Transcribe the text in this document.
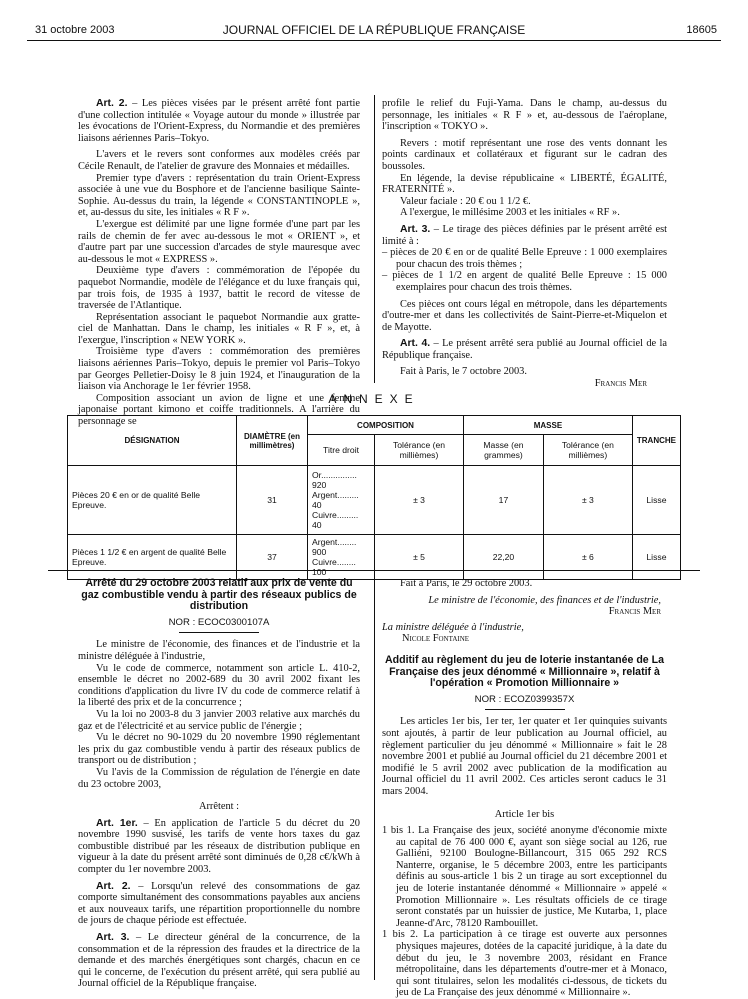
31 octobre 2003	JOURNAL OFFICIEL DE LA RÉPUBLIQUE FRANÇAISE	18605

Art. 2. – Les pièces visées par le présent arrêté font partie d'une collection intitulée « Voyage autour du monde » illustrée par les évocations de l'Orient-Express, du Normandie et des premières liaisons aériennes Paris–Tokyo.

L'avers et le revers sont conformes aux modèles créés par Cécile Renault, de l'atelier de gravure des Monnaies et médailles.

Premier type d'avers : représentation du train Orient-Express associée à une vue du Bosphore et de l'ancienne basilique Sainte-Sophie. Au-dessus du train, la légende « CONSTANTINOPLE », et, au-dessus du site, les initiales « R F ».

L'exergue est délimité par une ligne formée d'une part par les rails de chemin de fer avec au-dessous le mot « ORIENT », et d'autre part par une succession d'arcades de style mauresque avec au-dessous le mot « EXPRESS ».

Deuxième type d'avers : commémoration de l'épopée du paquebot Normandie, modèle de l'élégance et du luxe français qui, par trois fois, de 1935 à 1937, battit le record de vitesse de traversée de l'Atlantique.

Représentation associant le paquebot Normandie aux gratte-ciel de Manhattan. Dans le champ, les initiales « R F », et, à l'exergue, l'inscription « NEW YORK ».

Troisième type d'avers : commémoration des premières liaisons aériennes Paris–Tokyo, depuis le premier vol Paris–Tokyo par Georges Pelletier-Doisy le 8 juin 1924, et l'inauguration de la liaison via Anchorage le 1er février 1958.

Composition associant un avion de ligne et une femme japonaise portant kimono et coiffe traditionnels. A l'arrière du personnage se

profile le relief du Fuji-Yama. Dans le champ, au-dessus du personnage, les initiales « R F » et, au-dessous de l'aéroplane, l'inscription « TOKYO ».

Revers : motif représentant une rose des vents donnant les points cardinaux et collatéraux et figurant sur le cadran des boussoles.

En légende, la devise républicaine « LIBERTÉ, ÉGALITÉ, FRATERNITÉ ».

Valeur faciale : 20 € ou 1 1/2 €.

A l'exergue, le millésime 2003 et les initiales « RF ».

Art. 3. – Le tirage des pièces définies par le présent arrêté est limité à :

– pièces de 20 € en or de qualité Belle Epreuve : 1 000 exemplaires pour chacun des trois thèmes ;

– pièces de 1 1/2 en argent de qualité Belle Epreuve : 15 000 exemplaires pour chacun des trois thèmes.

Ces pièces ont cours légal en métropole, dans les départements d'outre-mer et dans les collectivités de Saint-Pierre-et-Miquelon et de Mayotte.

Art. 4. – Le présent arrêté sera publié au Journal officiel de la République française.

Fait à Paris, le 7 octobre 2003.

Francis Mer

ANNEXE
DÉSIGNATION	DIAMÈTRE (en millimètres)	COMPOSITION		MASSE		TRANCHE
		Titre droit	Tolérance (en millièmes)	Masse (en grammes)	Tolérance (en millièmes)	
Pièces 20 € en or de qualité Belle Epreuve.	31	Or............... 920
Argent......... 40
Cuivre......... 40	± 3	17	± 3	Lisse
Pièces 1 1/2 € en argent de qualité Belle Epreuve.	37	Argent........ 900
Cuivre........ 100	± 5	22,20	± 6	Lisse
Arrêté du 29 octobre 2003 relatif aux prix de vente du gaz combustible vendu à partir des réseaux publics de distribution
NOR : ECOC0300107A

Le ministre de l'économie, des finances et de l'industrie et la ministre déléguée à l'industrie,

Vu le code de commerce, notamment son article L. 410-2, ensemble le décret no 2002-689 du 30 avril 2002 fixant les conditions d'application du livre IV du code de commerce relatif à la liberté des prix et de la concurrence ;

Vu la loi no 2003-8 du 3 janvier 2003 relative aux marchés du gaz et de l'électricité et au service public de l'énergie ;

Vu le décret no 90-1029 du 20 novembre 1990 réglementant les prix du gaz combustible vendu à partir des réseaux publics de transport ou de distribution ;

Vu l'avis de la Commission de régulation de l'énergie en date du 23 octobre 2003,

Arrêtent :

Art. 1er. – En application de l'article 5 du décret du 20 novembre 1990 susvisé, les tarifs de vente hors taxes du gaz combustible distribué par les réseaux de distribution publique en vigueur à la date du présent arrêté sont diminués de 0,28 c€/kWh à compter du 1er novembre 2003.

Art. 2. – Lorsqu'un relevé des consommations de gaz comporte simultanément des consommations payables aux anciens et aux nouveaux tarifs, une répartition proportionnelle du nombre de jours de chaque période est effectuée.

Art. 3. – Le directeur général de la concurrence, de la consommation et de la répression des fraudes et la directrice de la demande et des marchés énergétiques sont chargés, chacun en ce qui le concerne, de l'exécution du présent arrêté, qui sera publié au Journal officiel de la République française.

Fait à Paris, le 29 octobre 2003.

Le ministre de l'économie, des finances et de l'industrie,

Francis Mer

La ministre déléguée à l'industrie,

Nicole Fontaine

Additif au règlement du jeu de loterie instantanée de La Française des jeux dénommé « Millionnaire », relatif à l'opération « Promotion Millionnaire »
NOR : ECOZ0399357X

Les articles 1er bis, 1er ter, 1er quater et 1er quinquies suivants sont ajoutés, à partir de leur publication au Journal officiel, au règlement particulier du jeu dénommé « Millionnaire » fait le 28 novembre 2001 et publié au Journal officiel du 21 décembre 2001 et modifié le 5 avril 2002 avec publication de la modification au Journal officiel du 11 avril 2002. Ces articles seront caducs le 31 mars 2004.

Article 1er bis

1 bis 1. La Française des jeux, société anonyme d'économie mixte au capital de 76 400 000 €, ayant son siège social au 126, rue Galliéni, 92100 Boulogne-Billancourt, 315 065 292 RCS Nanterre, organise, le 5 décembre 2003, entre les participants définis au sous-article 1 bis 2 un tirage au sort exceptionnel du jeu de loterie instantanée dénommé « Millionnaire » appelé « Promotion Millionnaire ». Les résultats officiels de ce tirage seront constatés par un huissier de justice, Me Kutarba, 1, place Jeanne-d'Arc, 78120 Rambouillet.

1 bis 2. La participation à ce tirage est ouverte aux personnes physiques majeures, dotées de la capacité juridique, à la date du début du jeu, le 3 novembre 2003, résidant en France métropolitaine, dans les départements d'outre-mer et à Monaco, qui sont titulaires, selon les modalités ci-dessous, de tickets du jeu de La Française des jeux dénommé « Millionnaire ».
